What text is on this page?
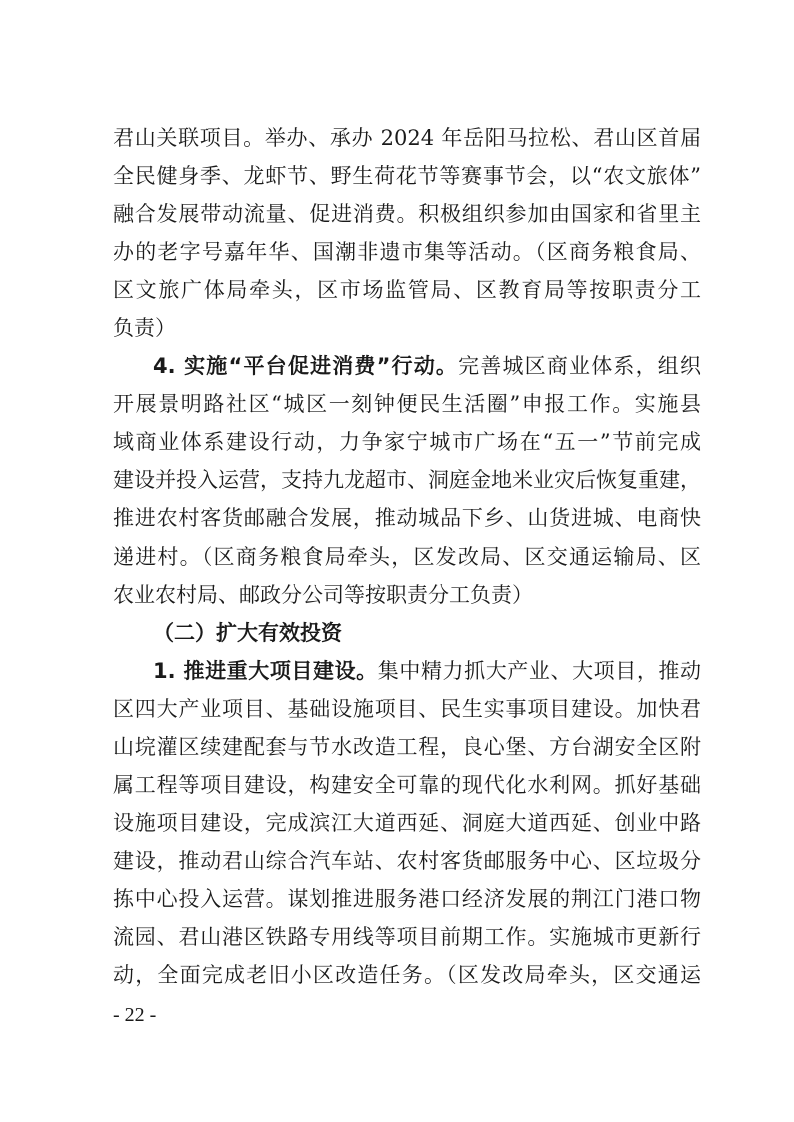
君山关联项目。举办、承办 2024 年岳阳马拉松、君山区首届
全民健身季、龙虾节、野生荷花节等赛事节会，以“农文旅体”
融合发展带动流量、促进消费。积极组织参加由国家和省里主
办的老字号嘉年华、国潮非遗市集等活动。（区商务粮食局、
区文旅广体局牵头，区市场监管局、区教育局等按职责分工
负责）
4. 实施“平台促进消费”行动。完善城区商业体系，组织
开展景明路社区“城区一刻钟便民生活圈”申报工作。实施县
域商业体系建设行动，力争家宁城市广场在“五一”节前完成
建设并投入运营，支持九龙超市、洞庭金地米业灾后恢复重建，
推进农村客货邮融合发展，推动城品下乡、山货进城、电商快
递进村。（区商务粮食局牵头，区发改局、区交通运输局、区
农业农村局、邮政分公司等按职责分工负责）
（二）扩大有效投资
1. 推进重大项目建设。集中精力抓大产业、大项目，推动
区四大产业项目、基础设施项目、民生实事项目建设。加快君
山垸灌区续建配套与节水改造工程，良心堡、方台湖安全区附
属工程等项目建设，构建安全可靠的现代化水利网。抓好基础
设施项目建设，完成滨江大道西延、洞庭大道西延、创业中路
建设，推动君山综合汽车站、农村客货邮服务中心、区垃圾分
拣中心投入运营。谋划推进服务港口经济发展的荆江门港口物
流园、君山港区铁路专用线等项目前期工作。实施城市更新行
动，全面完成老旧小区改造任务。（区发改局牵头，区交通运
- 22 -
